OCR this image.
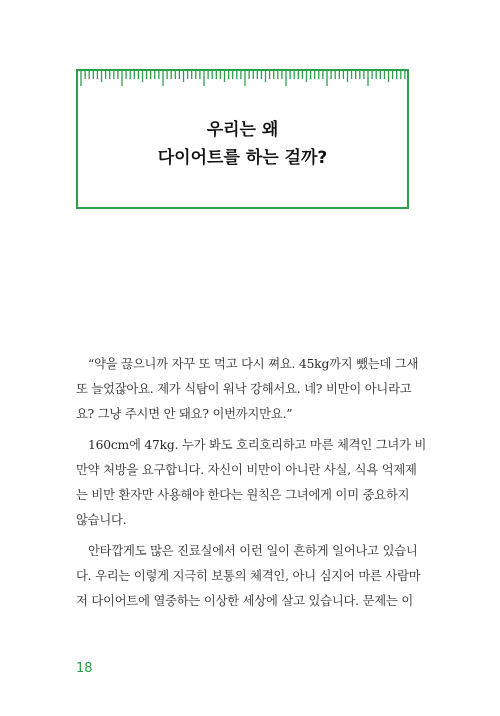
우리는 왜
다이어트를 하는 걸까?
“약을 끊으니까 자꾸 또 먹고 다시 쪄요. 45kg까지 뺐는데 그새
또 늘었잖아요. 제가 식탐이 워낙 강해서요. 네? 비만이 아니라고
요? 그냥 주시면 안 돼요? 이번까지만요.”
160cm에 47kg. 누가 봐도 호리호리하고 마른 체격인 그녀가 비
만약 처방을 요구합니다. 자신이 비만이 아니란 사실, 식욕 억제제
는 비만 환자만 사용해야 한다는 원칙은 그녀에게 이미 중요하지
않습니다.
안타깝게도 많은 진료실에서 이런 일이 흔하게 일어나고 있습니
다. 우리는 이렇게 지극히 보통의 체격인, 아니 심지어 마른 사람마
저 다이어트에 열중하는 이상한 세상에 살고 있습니다. 문제는 이
18
